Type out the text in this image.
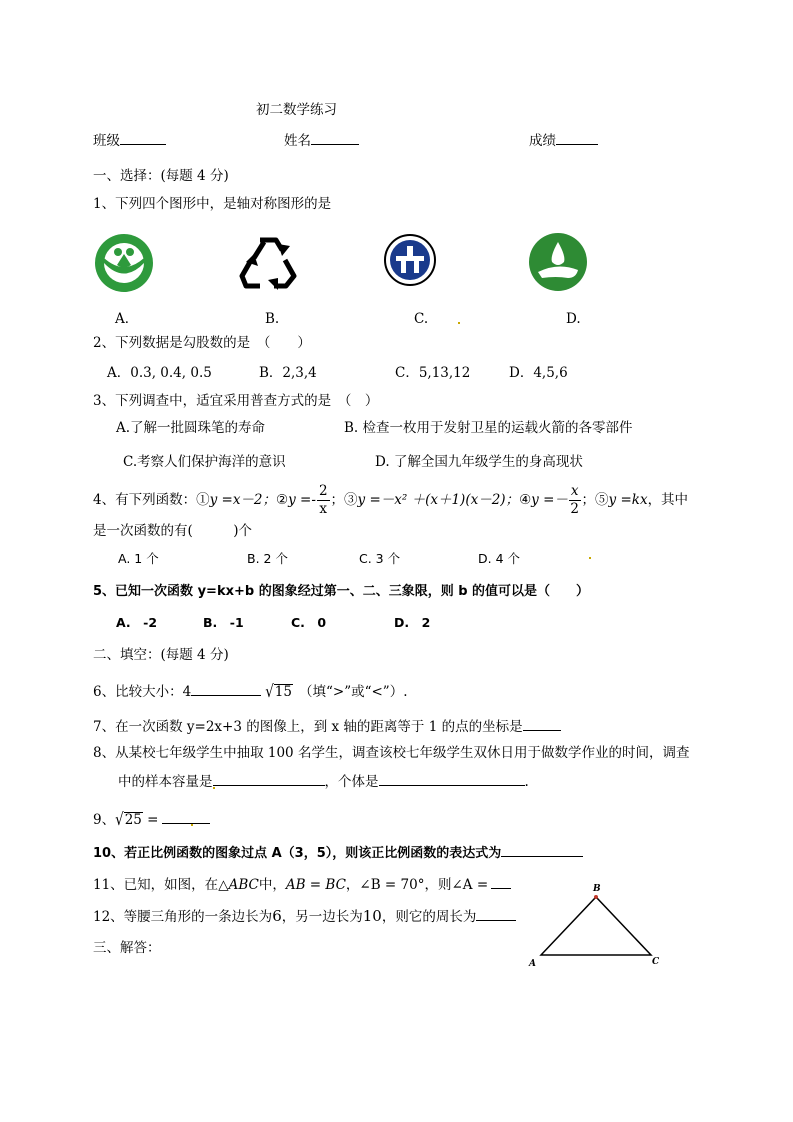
初二数学练习
班级	姓名	成绩
一、选择：(每题 4 分)
1、下列四个图形中，是轴对称图形的是
A．	B.	C.	D.
2、下列数据是勾股数的是　（　　）
A．0.3, 0.4, 0.5	B．2,3,4	C．5,13,12	D．4,5,6
3、下列调查中，适宜采用普查方式的是　（　）
A.了解一批圆珠笔的寿命	B. 检查一枚用于发射卫星的运载火箭的各零部件
C.考察人们保护海洋的意识	D. 了解全国九年级学生的身高现状
4、有下列函数：①y =x－2；②y =- $\frac{2}{x}$ ；③y =－x² ＋(x＋1)(x－2)；④y =－ $\frac{x}{2}$ ；⑤y =kx，其中
是一次函数的有(　　　)个
A. 1 个	B. 2 个	C. 3 个	D. 4 个
5、已知一次函数 y=kx+b 的图象经过第一、二、三象限，则 b 的值可以是（　　）
A.　-2	B.　-1	C.　0	D.　2
二、填空：(每题 4 分)
6、比较大小：4	√15 （填“>”或“<”）.
7、在一次函数 y=2x+3 的图像上，到 x 轴的距离等于 1 的点的坐标是
8、从某校七年级学生中抽取 100 名学生，调查该校七年级学生双休日用于做数学作业的时间，调查
中的样本容量是	，个体是	.
9、√25 =
10、若正比例函数的图象过点 A（3，5），则该正比例函数的表达式为
11、已知，如图，在△ABC中，AB = BC，∠B = 70°，则∠A =
12、等腰三角形的一条边长为6，另一边长为10，则它的周长为
三、解答：
B
A	C
